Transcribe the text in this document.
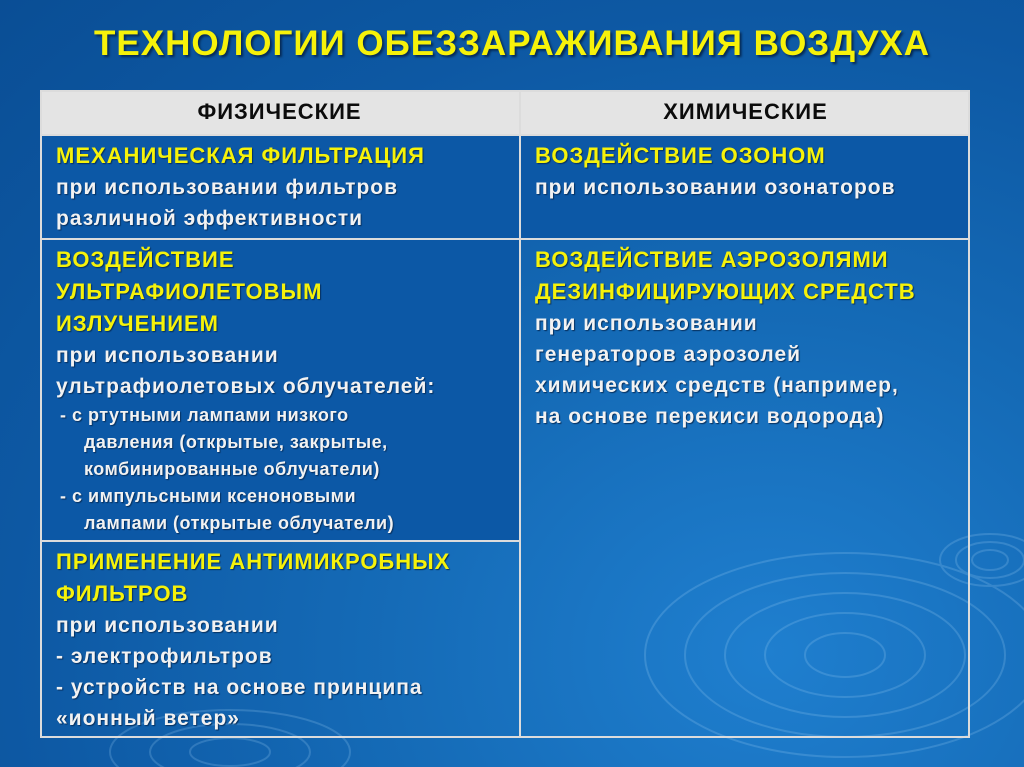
ТЕХНОЛОГИИ ОБЕЗЗАРАЖИВАНИЯ ВОЗДУХА
ФИЗИЧЕСКИЕ	ХИМИЧЕСКИЕ
МЕХАНИЧЕСКАЯ ФИЛЬТРАЦИЯ
при использовании фильтров
различной эффективности
ВОЗДЕЙСТВИЕ ОЗОНОМ
при использовании озонаторов
ВОЗДЕЙСТВИЕ
УЛЬТРАФИОЛЕТОВЫМ
ИЗЛУЧЕНИЕМ
при использовании
ультрафиолетовых облучателей:
- с ртутными лампами низкого
давления (открытые, закрытые,
комбинированные облучатели)
- с импульсными ксеноновыми
лампами (открытые облучатели)
ВОЗДЕЙСТВИЕ АЭРОЗОЛЯМИ
ДЕЗИНФИЦИРУЮЩИХ СРЕДСТВ
при использовании
генераторов аэрозолей
химических средств (например,
на основе перекиси водорода)
ПРИМЕНЕНИЕ АНТИМИКРОБНЫХ
ФИЛЬТРОВ
при использовании
- электрофильтров
- устройств на основе принципа
«ионный ветер»
